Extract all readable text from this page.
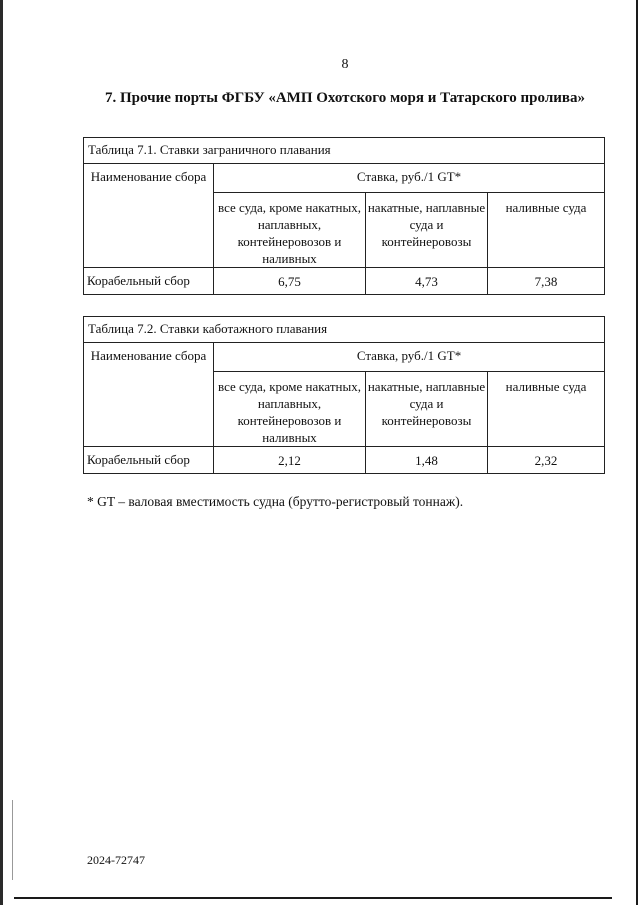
8
7. Прочие порты ФГБУ «АМП Охотского моря и Татарского пролива»
Таблица 7.1. Ставки заграничного плавания			
Наименование сбора	Ставка, руб./1 GT*		
	все суда, кроме накатных, наплавных, контейнеровозов и наливных	накатные, наплавные суда и контейнеровозы	наливные суда
Корабельный сбор	6,75	4,73	7,38
Таблица 7.2. Ставки каботажного плавания			
Наименование сбора	Ставка, руб./1 GT*		
	все суда, кроме накатных, наплавных, контейнеровозов и наливных	накатные, наплавные суда и контейнеровозы	наливные суда
Корабельный сбор	2,12	1,48	2,32
* GT – валовая вместимость судна (брутто-регистровый тоннаж).
2024-72747
